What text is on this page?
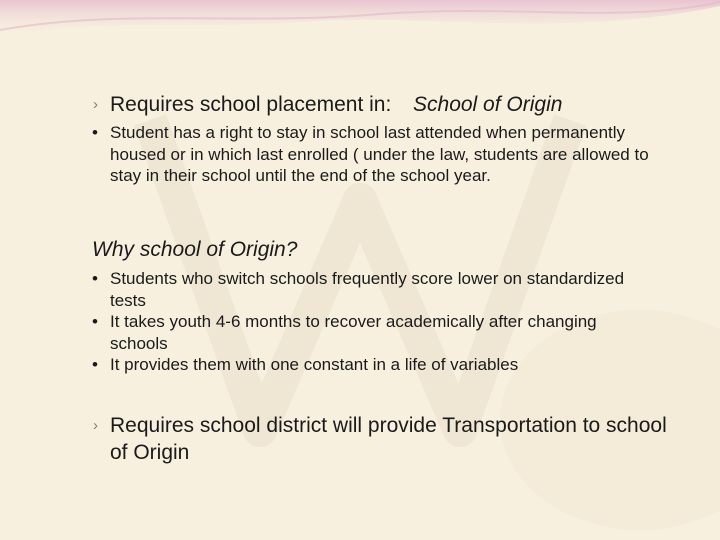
› Requires school placement in: School of Origin

• Student has a right to stay in school last attended when permanently housed or in which last enrolled ( under the law, students are allowed to stay in their school until the end of the school year.

Why school of Origin?

• Students who switch schools frequently score lower on standardized tests
• It takes youth 4-6 months to recover academically after changing schools
• It provides them with one constant in a life of variables

› Requires school district will provide Transportation to school of Origin
